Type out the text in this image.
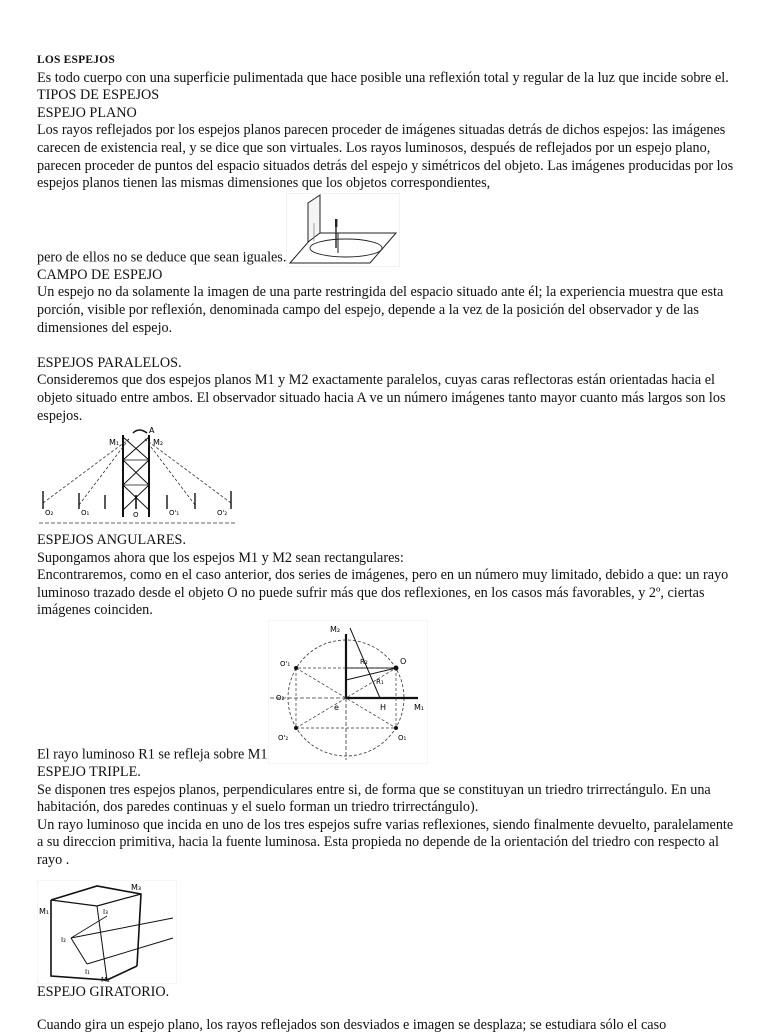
LOS ESPEJOS

Es todo cuerpo con una superficie pulimentada que hace posible una reflexión total y regular de la luz que incide sobre el.

TIPOS DE ESPEJOS

ESPEJO PLANO

Los rayos reflejados por los espejos planos parecen proceder de imágenes situadas detrás de dichos espejos: las imágenes carecen de existencia real, y se dice que son virtuales. Los rayos luminosos, después de reflejados por un espejo plano, parecen proceder de puntos del espacio situados detrás del espejo y simétricos del objeto. Las imágenes producidas por los espejos planos tienen las mismas dimensiones que los objetos correspondientes,

pero de ellos no se deduce que sean iguales.

CAMPO DE ESPEJO

Un espejo no da solamente la imagen de una parte restringida del espacio situado ante él; la experiencia muestra que esta porción, visible por reflexión, denominada campo del espejo, depende a la vez de la posición del observador y de las dimensiones del espejo.

ESPEJOS PARALELOS.

Consideremos que dos espejos planos M1 y M2 exactamente paralelos, cuyas caras reflectoras están orientadas hacia el objeto situado entre ambos. El observador situado hacia A ve un número imágenes tanto mayor cuanto más largos son los espejos.

M₁	M₂
A
O₁
O₂	O	O'₁	O'₂

ESPEJOS ANGULARES.

Supongamos ahora que los espejos M1 y M2 sean rectangulares:

Encontraremos, como en el caso anterior, dos series de imágenes, pero en un número muy limitado, debido a que: un rayo luminoso trazado desde el objeto O no puede sufrir más que dos reflexiones, en los casos más favorables, y 2º, ciertas imágenes coinciden.

El rayo luminoso R1 se refleja sobre M1
M₂
M₁
O
O'₁
O'₂	O₁
O₂
H
R₁
R₂
e

ESPEJO TRIPLE.

Se disponen tres espejos planos, perpendiculares entre si, de forma que se constituyan un triedro trirrectángulo. En una habitación, dos paredes continuas y el suelo forman un triedro trirrectángulo).

Un rayo luminoso que incida en uno de los tres espejos sufre varias reflexiones, siendo finalmente devuelto, paralelamente a su direccion primitiva, hacia la fuente luminosa. Esta propieda no depende de la orientación del triedro con respecto al rayo .

M₁
M₂
M₃
I₁
I₂
I₃

ESPEJO GIRATORIO.

Cuando gira un espejo plano, los rayos reflejados son desviados e imagen se desplaza; se estudiara sólo el caso
